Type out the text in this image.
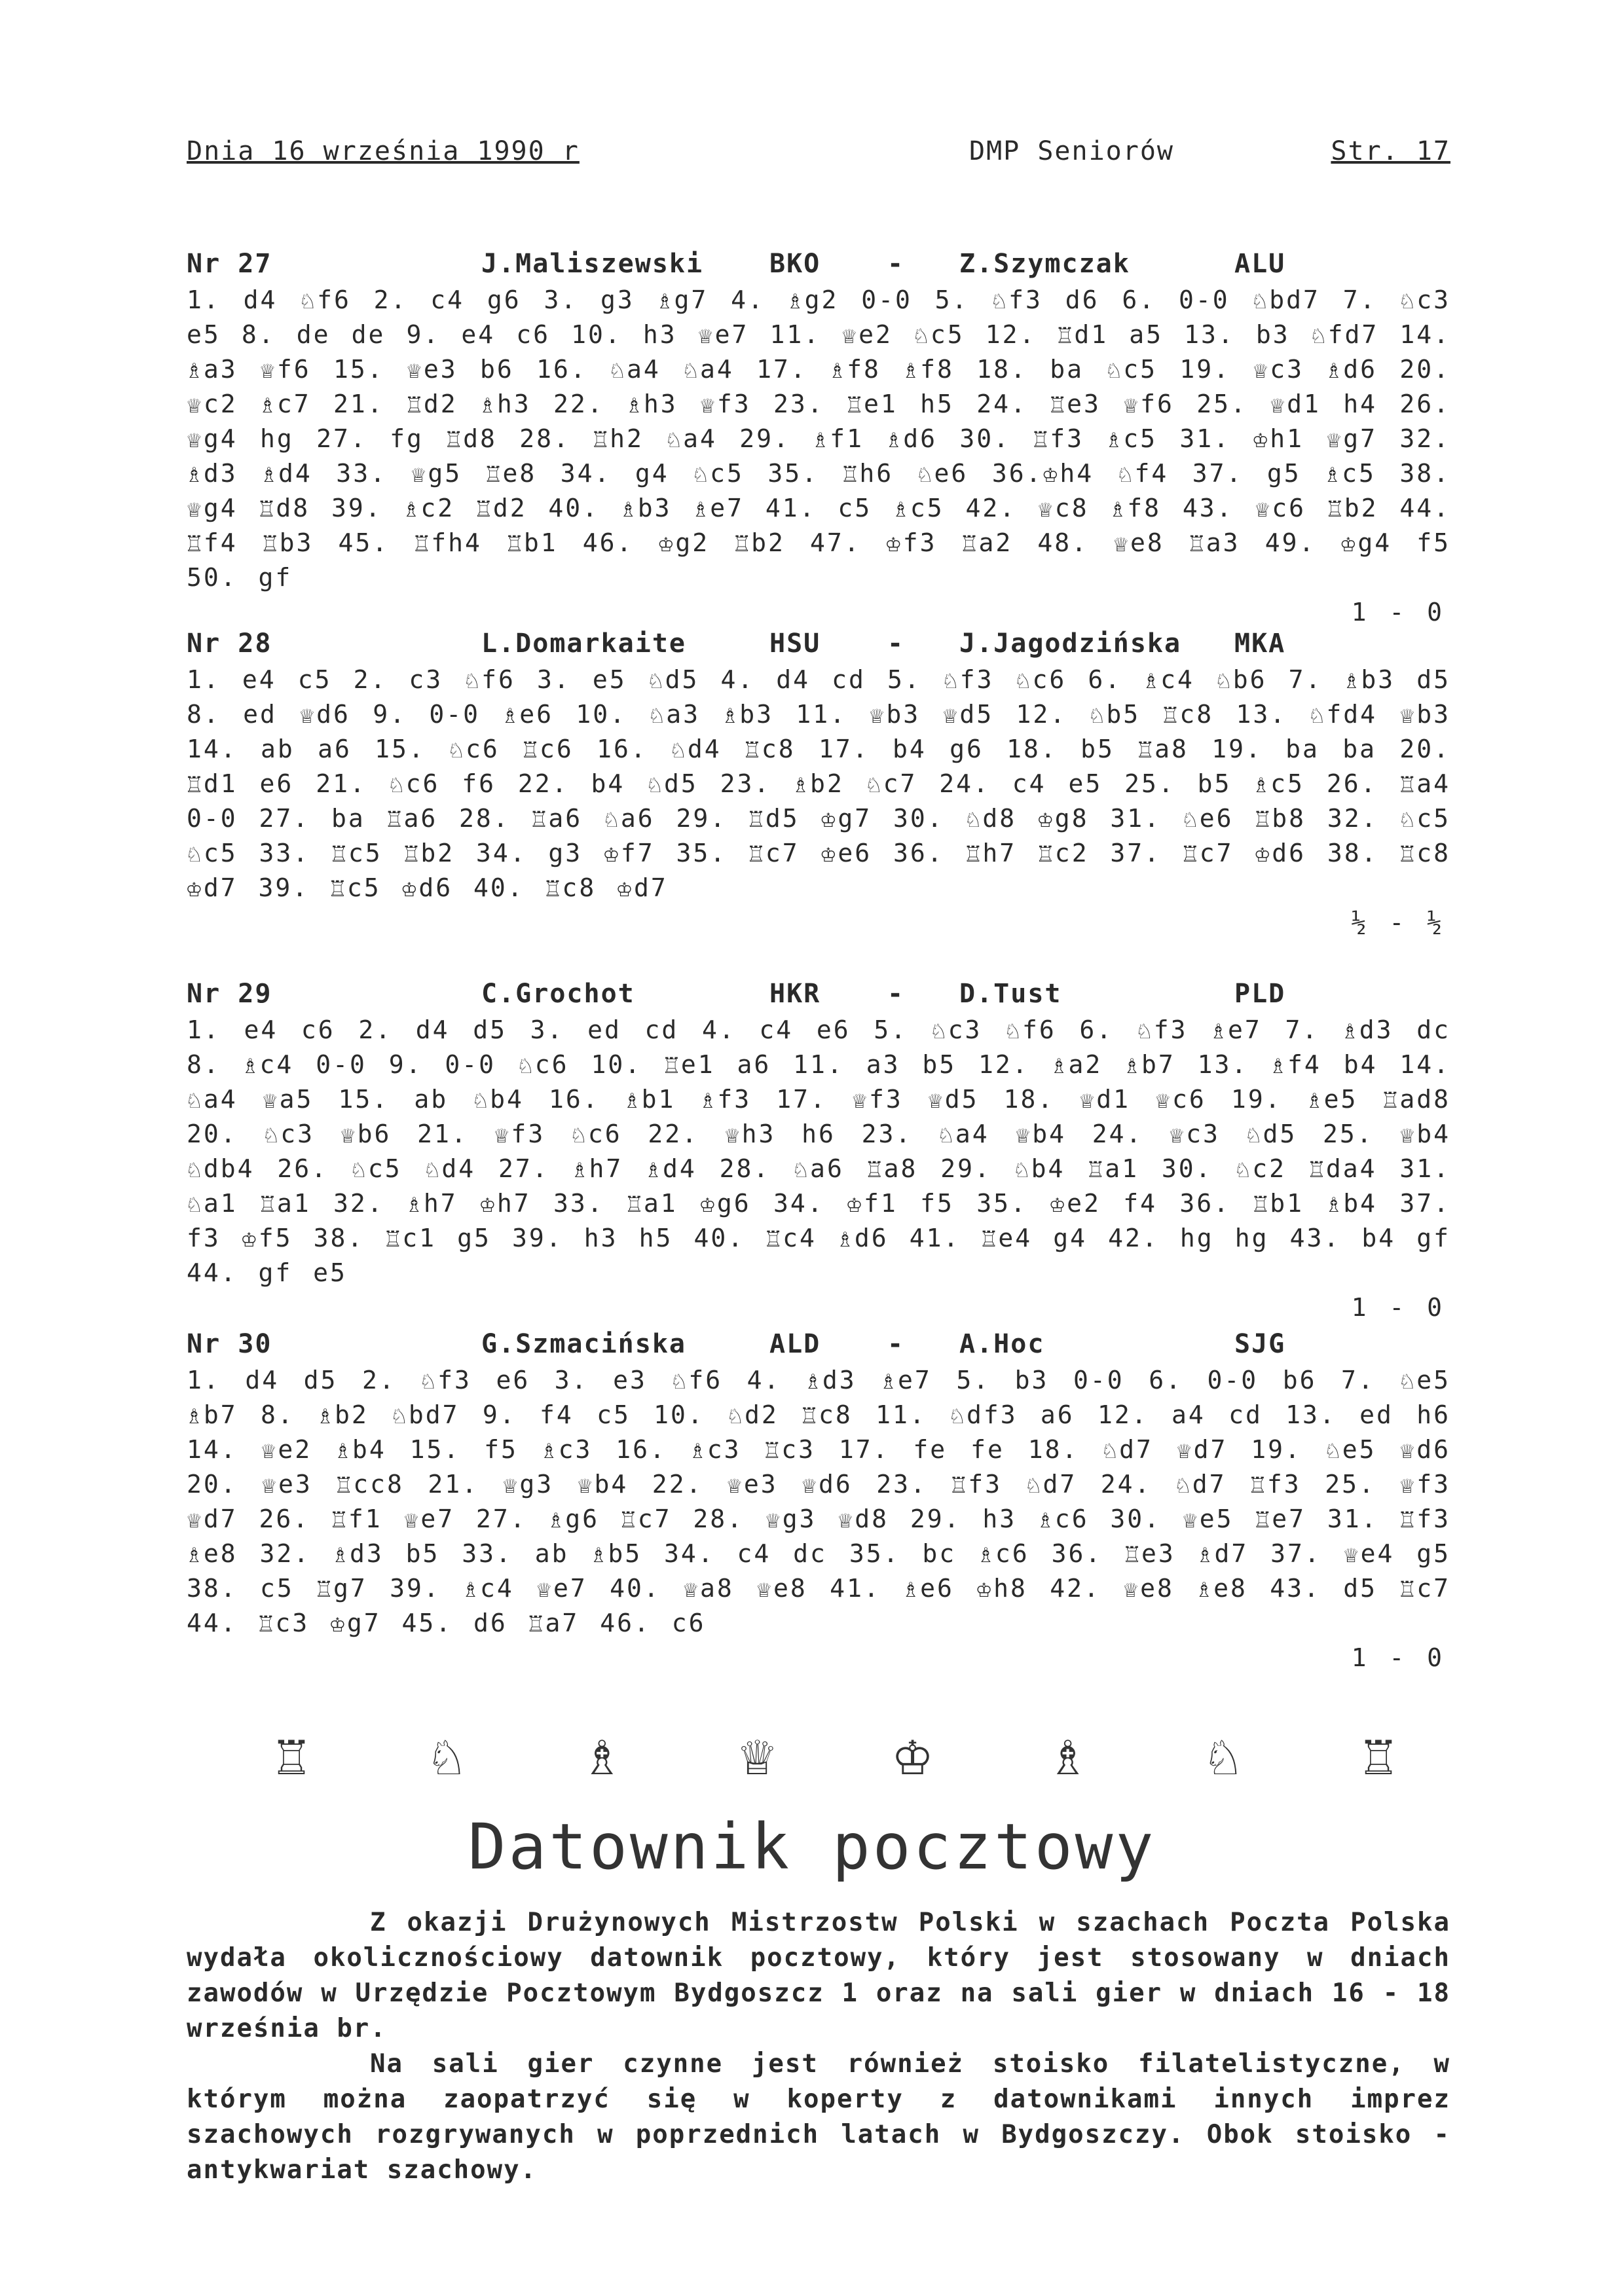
Dnia 16 września 1990 r	DMP Seniorów	Str. 17
Nr 27	J.Maliszewski	BKO	-	Z.Szymczak	ALU
1. d4 ♘f6 2. c4 g6 3. g3 ♗g7 4. ♗g2 0-0 5. ♘f3 d6 6. 0-0 ♘bd7 7. ♘c3 e5 8. de de 9. e4 c6 10. h3 ♕e7 11. ♕e2 ♘c5 12. ♖d1 a5 13. b3 ♘fd7 14. ♗a3 ♕f6 15. ♕e3 b6 16. ♘a4 ♘a4 17. ♗f8 ♗f8 18. ba ♘c5 19. ♕c3 ♗d6 20. ♕c2 ♗c7 21. ♖d2 ♗h3 22. ♗h3 ♕f3 23. ♖e1 h5 24. ♖e3 ♕f6 25. ♕d1 h4 26. ♕g4 hg 27. fg ♖d8 28. ♖h2 ♘a4 29. ♗f1 ♗d6 30. ♖f3 ♗c5 31. ♔h1 ♕g7 32. ♗d3 ♗d4 33. ♕g5 ♖e8 34. g4 ♘c5 35. ♖h6 ♘e6 36.♔h4 ♘f4 37. g5 ♗c5 38. ♕g4 ♖d8 39. ♗c2 ♖d2 40. ♗b3 ♗e7 41. c5 ♗c5 42. ♕c8 ♗f8 43. ♕c6 ♖b2 44. ♖f4 ♖b3 45. ♖fh4 ♖b1 46. ♔g2 ♖b2 47. ♔f3 ♖a2 48. ♕e8 ♖a3 49. ♔g4 f5 50. gf
1 - 0
Nr 28	L.Domarkaite	HSU	-	J.Jagodzińska	MKA
1. e4 c5 2. c3 ♘f6 3. e5 ♘d5 4. d4 cd 5. ♘f3 ♘c6 6. ♗c4 ♘b6 7. ♗b3 d5 8. ed ♕d6 9. 0-0 ♗e6 10. ♘a3 ♗b3 11. ♕b3 ♕d5 12. ♘b5 ♖c8 13. ♘fd4 ♕b3 14. ab a6 15. ♘c6 ♖c6 16. ♘d4 ♖c8 17. b4 g6 18. b5 ♖a8 19. ba ba 20. ♖d1 e6 21. ♘c6 f6 22. b4 ♘d5 23. ♗b2 ♘c7 24. c4 e5 25. b5 ♗c5 26. ♖a4 0-0 27. ba ♖a6 28. ♖a6 ♘a6 29. ♖d5 ♔g7 30. ♘d8 ♔g8 31. ♘e6 ♖b8 32. ♘c5 ♘c5 33. ♖c5 ♖b2 34. g3 ♔f7 35. ♖c7 ♔e6 36. ♖h7 ♖c2 37. ♖c7 ♔d6 38. ♖c8 ♔d7 39. ♖c5 ♔d6 40. ♖c8 ♔d7
½ - ½
Nr 29	C.Grochot	HKR	-	D.Tust	PLD
1. e4 c6 2. d4 d5 3. ed cd 4. c4 e6 5. ♘c3 ♘f6 6. ♘f3 ♗e7 7. ♗d3 dc 8. ♗c4 0-0 9. 0-0 ♘c6 10. ♖e1 a6 11. a3 b5 12. ♗a2 ♗b7 13. ♗f4 b4 14. ♘a4 ♕a5 15. ab ♘b4 16. ♗b1 ♗f3 17. ♕f3 ♕d5 18. ♕d1 ♕c6 19. ♗e5 ♖ad8 20. ♘c3 ♕b6 21. ♕f3 ♘c6 22. ♕h3 h6 23. ♘a4 ♕b4 24. ♕c3 ♘d5 25. ♕b4 ♘db4 26. ♘c5 ♘d4 27. ♗h7 ♗d4 28. ♘a6 ♖a8 29. ♘b4 ♖a1 30. ♘c2 ♖da4 31. ♘a1 ♖a1 32. ♗h7 ♔h7 33. ♖a1 ♔g6 34. ♔f1 f5 35. ♔e2 f4 36. ♖b1 ♗b4 37. f3 ♔f5 38. ♖c1 g5 39. h3 h5 40. ♖c4 ♗d6 41. ♖e4 g4 42. hg hg 43. b4 gf 44. gf e5
1 - 0
Nr 30	G.Szmacińska	ALD	-	A.Hoc	SJG
1. d4 d5 2. ♘f3 e6 3. e3 ♘f6 4. ♗d3 ♗e7 5. b3 0-0 6. 0-0 b6 7. ♘e5 ♗b7 8. ♗b2 ♘bd7 9. f4 c5 10. ♘d2 ♖c8 11. ♘df3 a6 12. a4 cd 13. ed h6 14. ♕e2 ♗b4 15. f5 ♗c3 16. ♗c3 ♖c3 17. fe fe 18. ♘d7 ♕d7 19. ♘e5 ♕d6 20. ♕e3 ♖cc8 21. ♕g3 ♕b4 22. ♕e3 ♕d6 23. ♖f3 ♘d7 24. ♘d7 ♖f3 25. ♕f3 ♕d7 26. ♖f1 ♕e7 27. ♗g6 ♖c7 28. ♕g3 ♕d8 29. h3 ♗c6 30. ♕e5 ♖e7 31. ♖f3 ♗e8 32. ♗d3 b5 33. ab ♗b5 34. c4 dc 35. bc ♗c6 36. ♖e3 ♗d7 37. ♕e4 g5 38. c5 ♖g7 39. ♗c4 ♕e7 40. ♕a8 ♕e8 41. ♗e6 ♔h8 42. ♕e8 ♗e8 43. d5 ♖c7 44. ♖c3 ♔g7 45. d6 ♖a7 46. c6
1 - 0
♖ ♘ ♗ ♕ ♔ ♗ ♘ ♖
Datownik pocztowy

Z okazji Drużynowych Mistrzostw Polski w szachach Poczta Polska wydała okolicznościowy datownik pocztowy, który jest stosowany w dniach zawodów w Urzędzie Pocztowym Bydgoszcz 1 oraz na sali gier w dniach 16 - 18 września br.

Na sali gier czynne jest również stoisko filatelistyczne, w którym można zaopatrzyć się w koperty z datownikami innych imprez szachowych rozgrywanych w poprzednich latach w Bydgoszczy. Obok stoisko - antykwariat szachowy.
